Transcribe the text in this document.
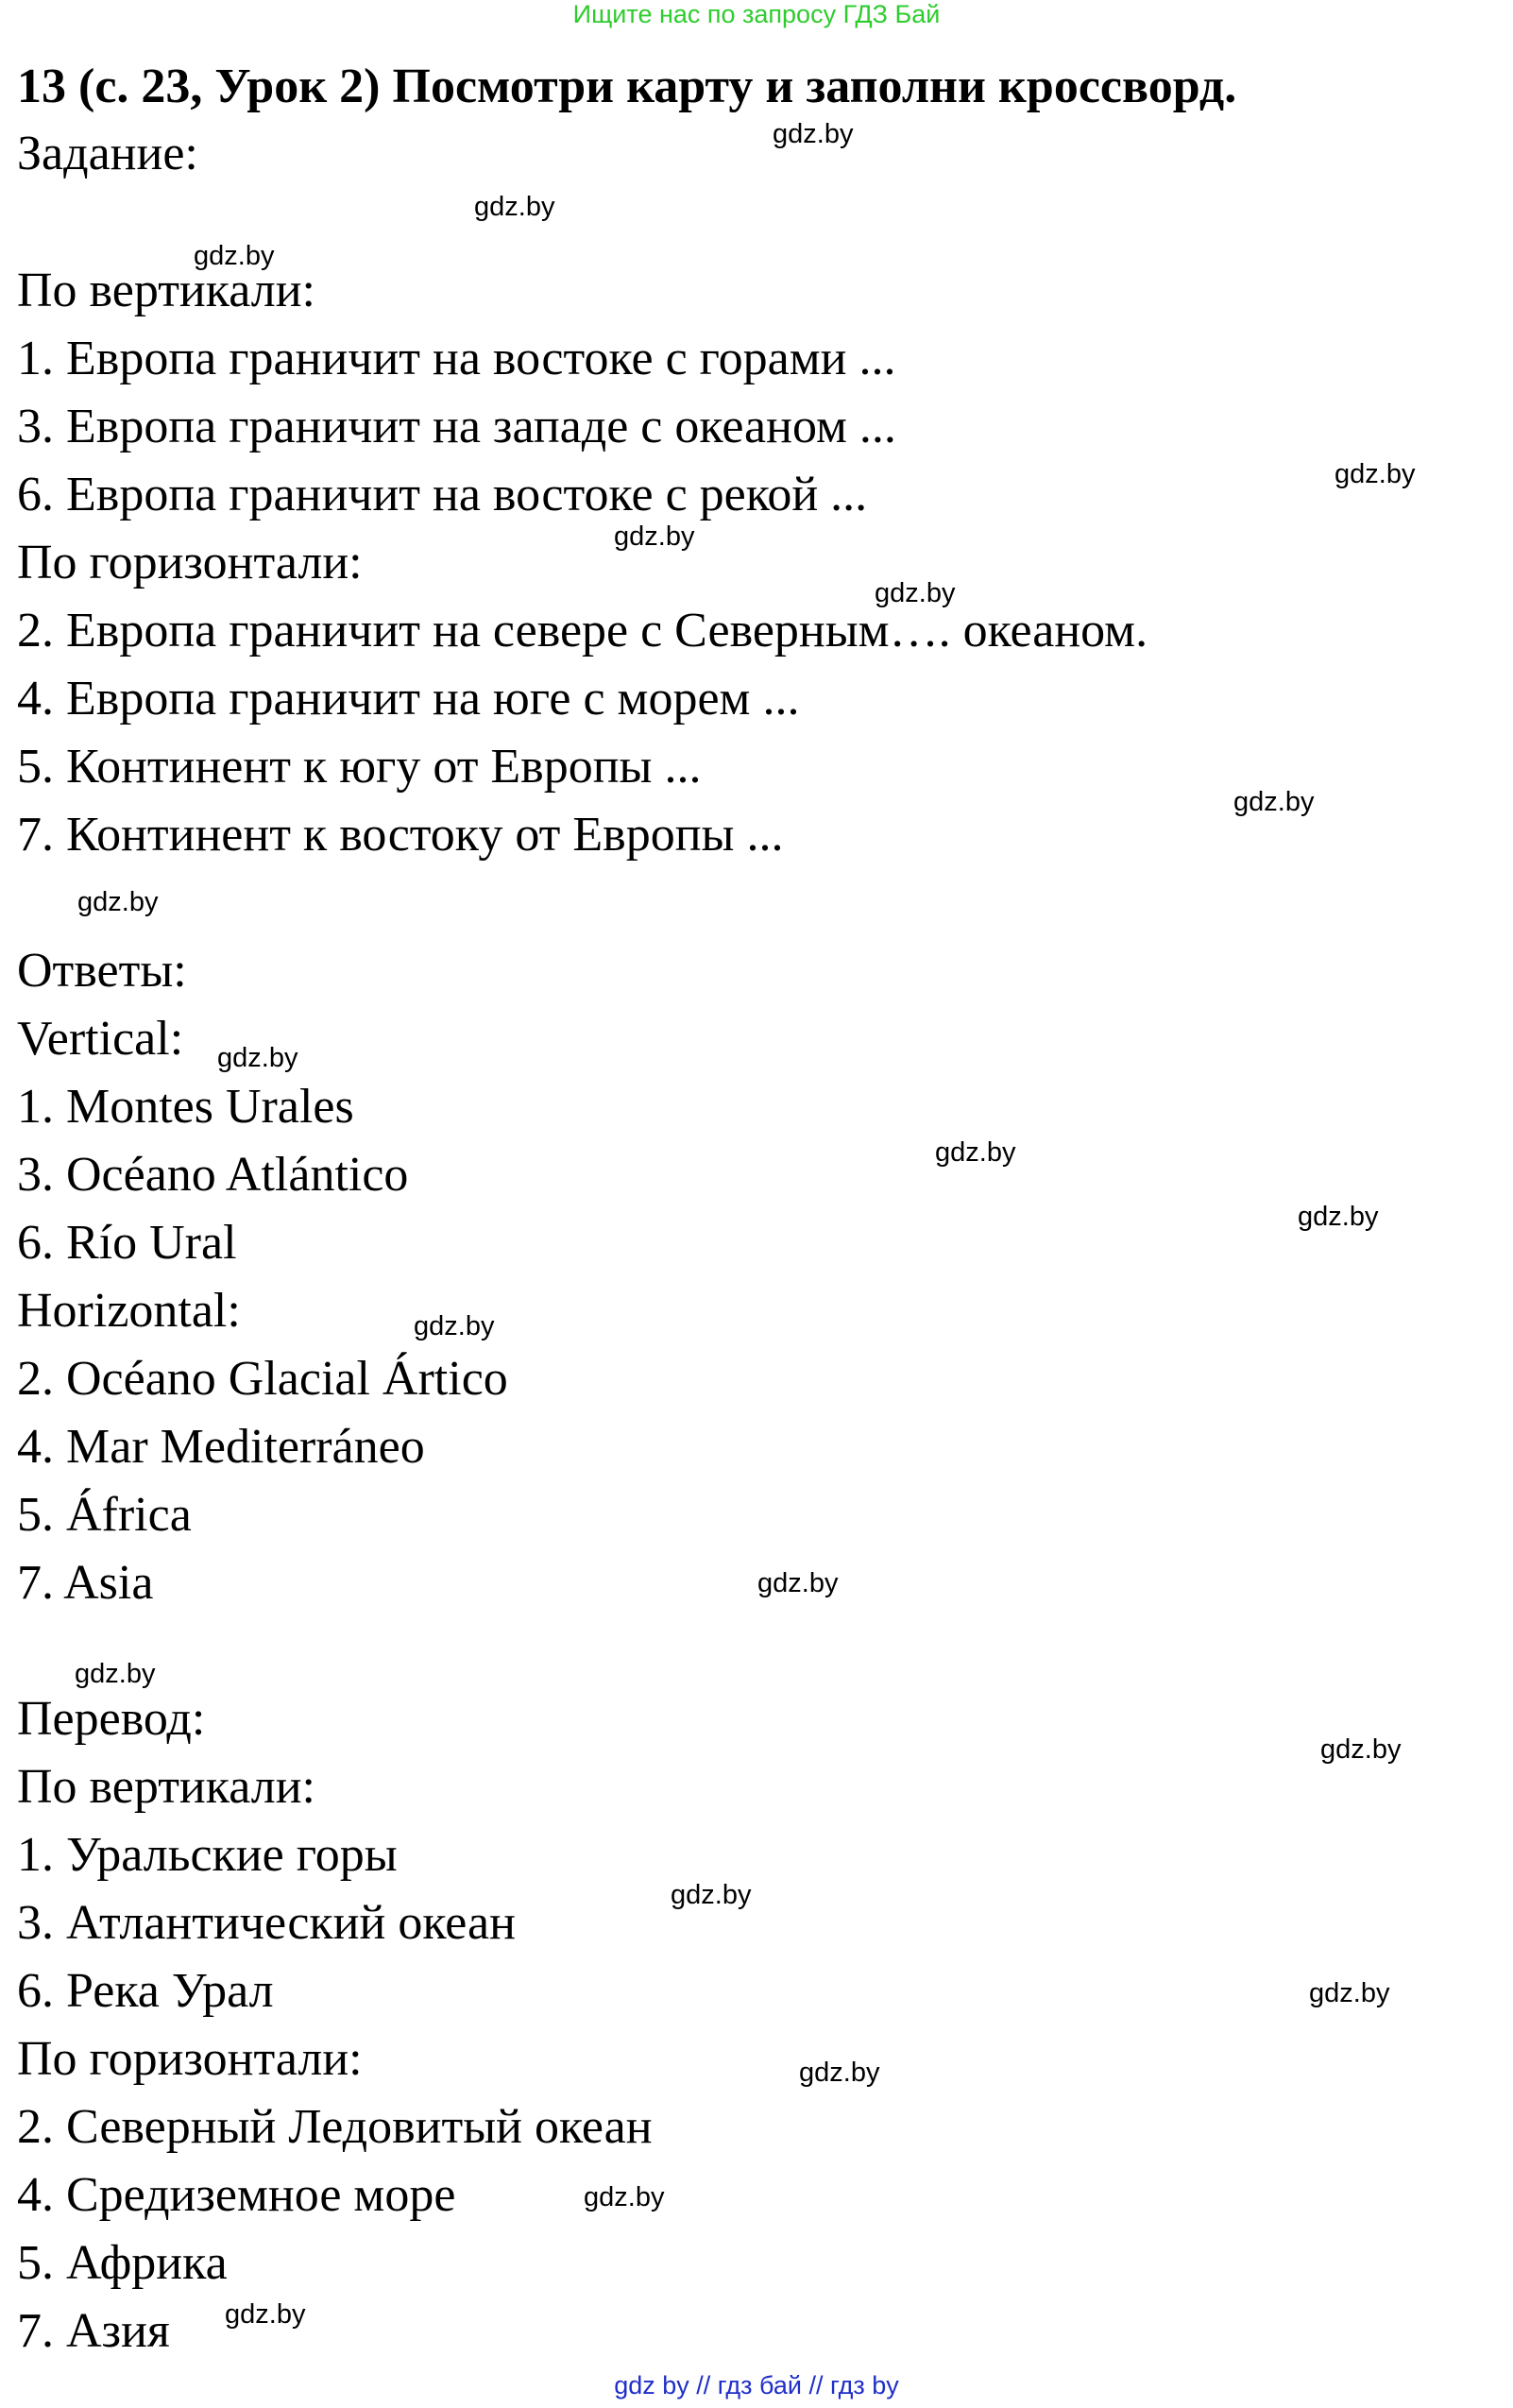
Ищите нас по запросу ГДЗ Бай
13 (с. 23, Урок 2) Посмотри карту и заполни кроссворд.
Задание:
По вертикали:
1. Европа граничит на востоке с горами ...
3. Европа граничит на западе с океаном ...
6. Европа граничит на востоке с рекой ...
По горизонтали:
2. Европа граничит на севере с Северным…. океаном.
4. Европа граничит на юге с морем ...
5. Континент к югу от Европы ...
7. Континент к востоку от Европы ...
Ответы:
Vertical:
1. Montes Urales
3. Océano Atlántico
6. Río Ural
Horizontal:
2. Océano Glacial Ártico
4. Mar Mediterráneo
5. África
7. Asia
Перевод:
По вертикали:
1. Уральские горы
3. Атлантический океан
6. Река Урал
По горизонтали:
2. Северный Ледовитый океан
4. Средиземное море
5. Африка
7. Азия
gdz.by
gdz.by
gdz.by
gdz.by
gdz.by
gdz.by
gdz.by
gdz.by
gdz.by
gdz.by
gdz.by
gdz.by
gdz.by
gdz.by
gdz.by
gdz.by
gdz.by
gdz.by
gdz.by
gdz.by
gdz by // гдз бай // гдз by
